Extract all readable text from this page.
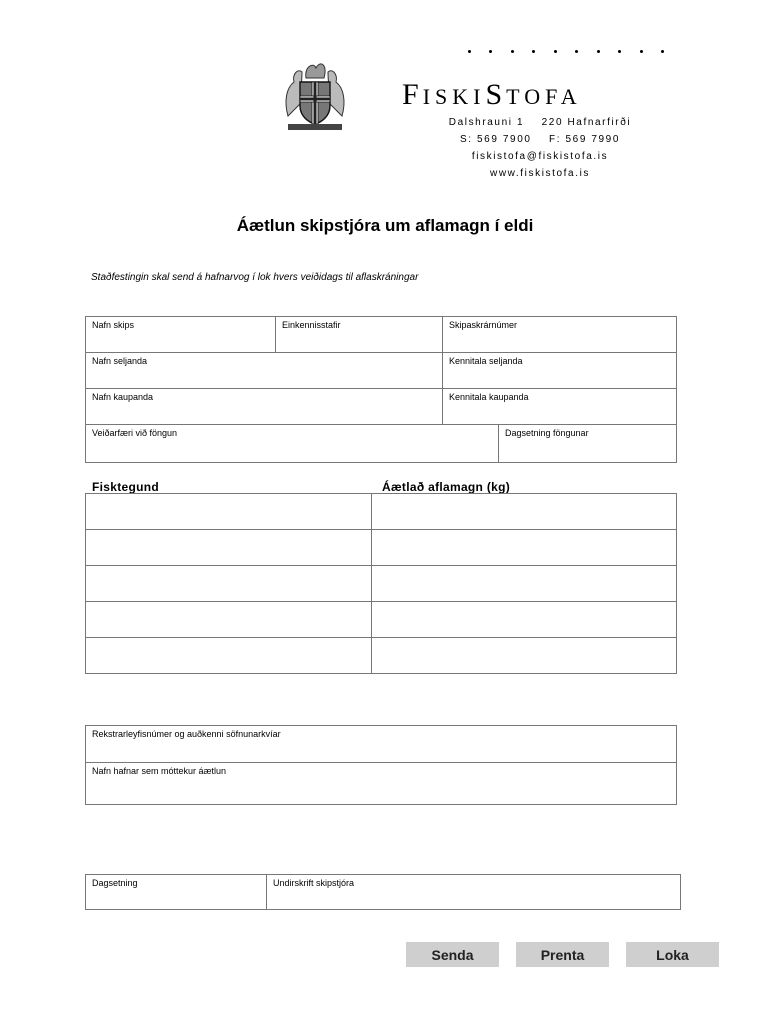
FISKISTOFA
Dalshrauni 1    220 Hafnarfirði
S: 569 7900    F: 569 7990
fiskistofa@fiskistofa.is
www.fiskistofa.is
Áætlun skipstjóra um aflamagn í eldi
Staðfestingin skal send á hafnarvog í lok hvers veiðidags til aflaskráningar
Nafn skips	Einkennisstafir	Skipaskrárnúmer
Nafn seljanda	Kennitala seljanda
Nafn kaupanda	Kennitala kaupanda
Veiðarfæri við föngun	Dagsetning föngunar
Fisktegund	Áætlað aflamagn (kg)
Rekstrarleyfisnúmer og auðkenni söfnunarkvíar
Nafn hafnar sem móttekur áætlun
Dagsetning	Undirskrift skipstjóra
Senda	Prenta	Loka
